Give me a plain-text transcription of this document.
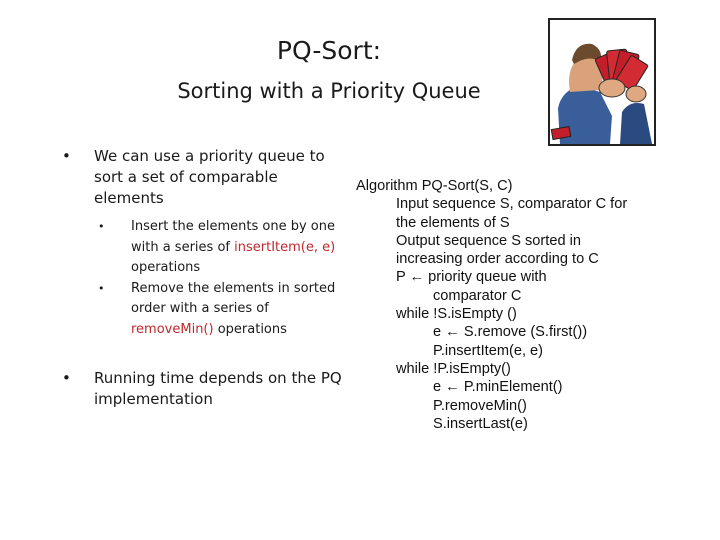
PQ-Sort:
Sorting with a Priority Queue
• We can use a priority queue to sort a set of comparable elements
• Insert the elements one by one with a series of insertItem(e, e) operations
• Remove the elements in sorted order with a series of removeMin() operations
• Running time depends on the PQ implementation
Algorithm PQ-Sort(S, C)
Input sequence S, comparator C for
the elements of S
Output sequence S sorted in
increasing order according to C
P ← priority queue with
comparator C
while !S.isEmpty ()
e ← S.remove (S.first())
P.insertItem(e, e)
while !P.isEmpty()
e ← P.minElement()
P.removeMin()
S.insertLast(e)
